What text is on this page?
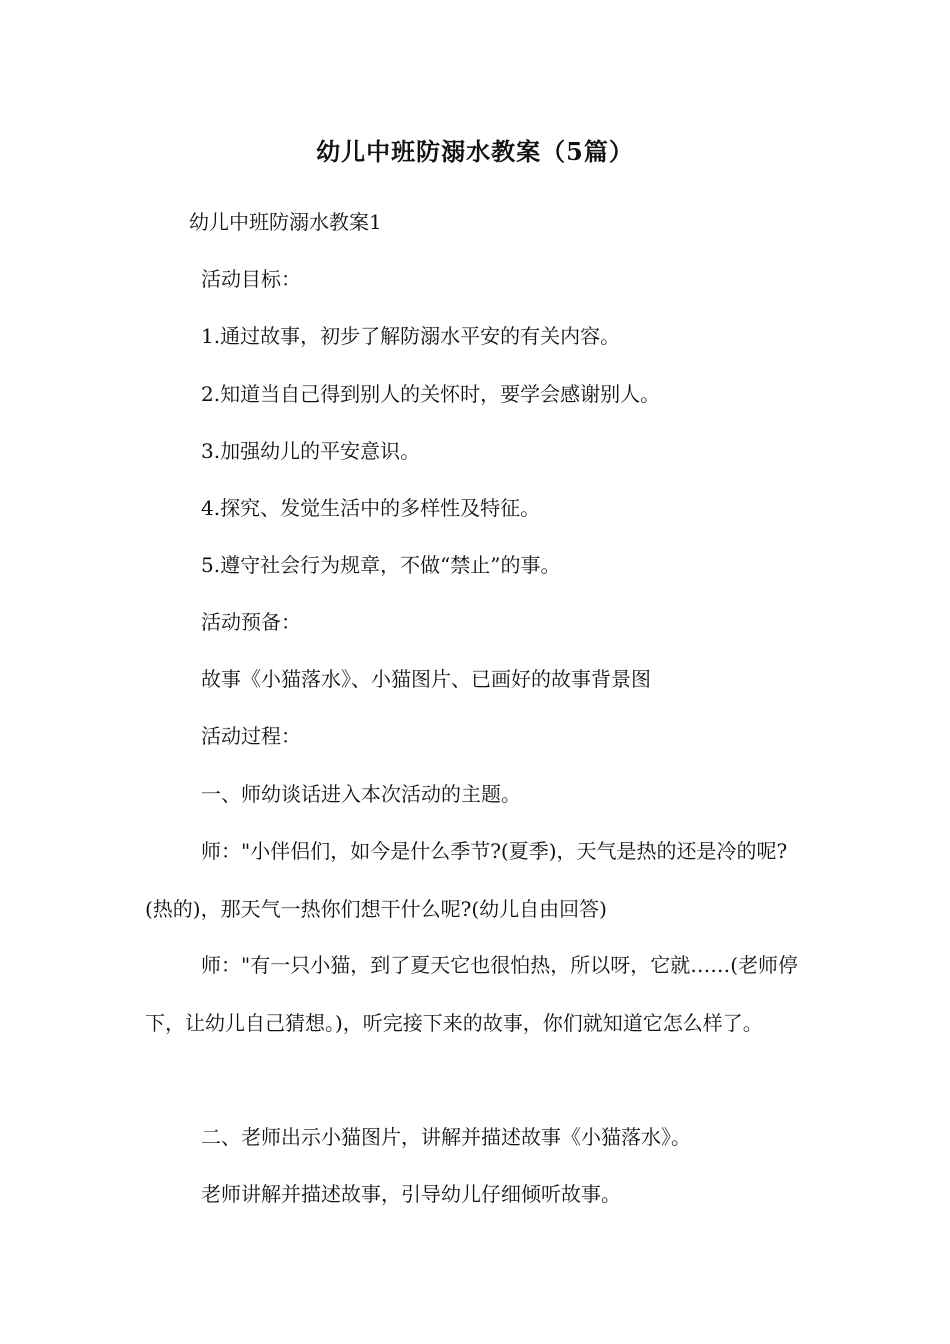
幼儿中班防溺水教案（5篇）
幼儿中班防溺水教案1
活动目标：
1.通过故事，初步了解防溺水平安的有关内容。
2.知道当自己得到别人的关怀时，要学会感谢别人。
3.加强幼儿的平安意识。
4.探究、发觉生活中的多样性及特征。
5.遵守社会行为规章，不做“禁止”的事。
活动预备：
故事《小猫落水》、小猫图片、已画好的故事背景图
活动过程：
一、师幼谈话进入本次活动的主题。
师："小伴侣们，如今是什么季节?(夏季)，天气是热的还是冷的呢?(热的)，那天气一热你们想干什么呢?(幼儿自由回答)
师："有一只小猫，到了夏天它也很怕热，所以呀，它就……(老师停下，让幼儿自己猜想。)，听完接下来的故事，你们就知道它怎么样了。
二、老师出示小猫图片，讲解并描述故事《小猫落水》。
老师讲解并描述故事，引导幼儿仔细倾听故事。
